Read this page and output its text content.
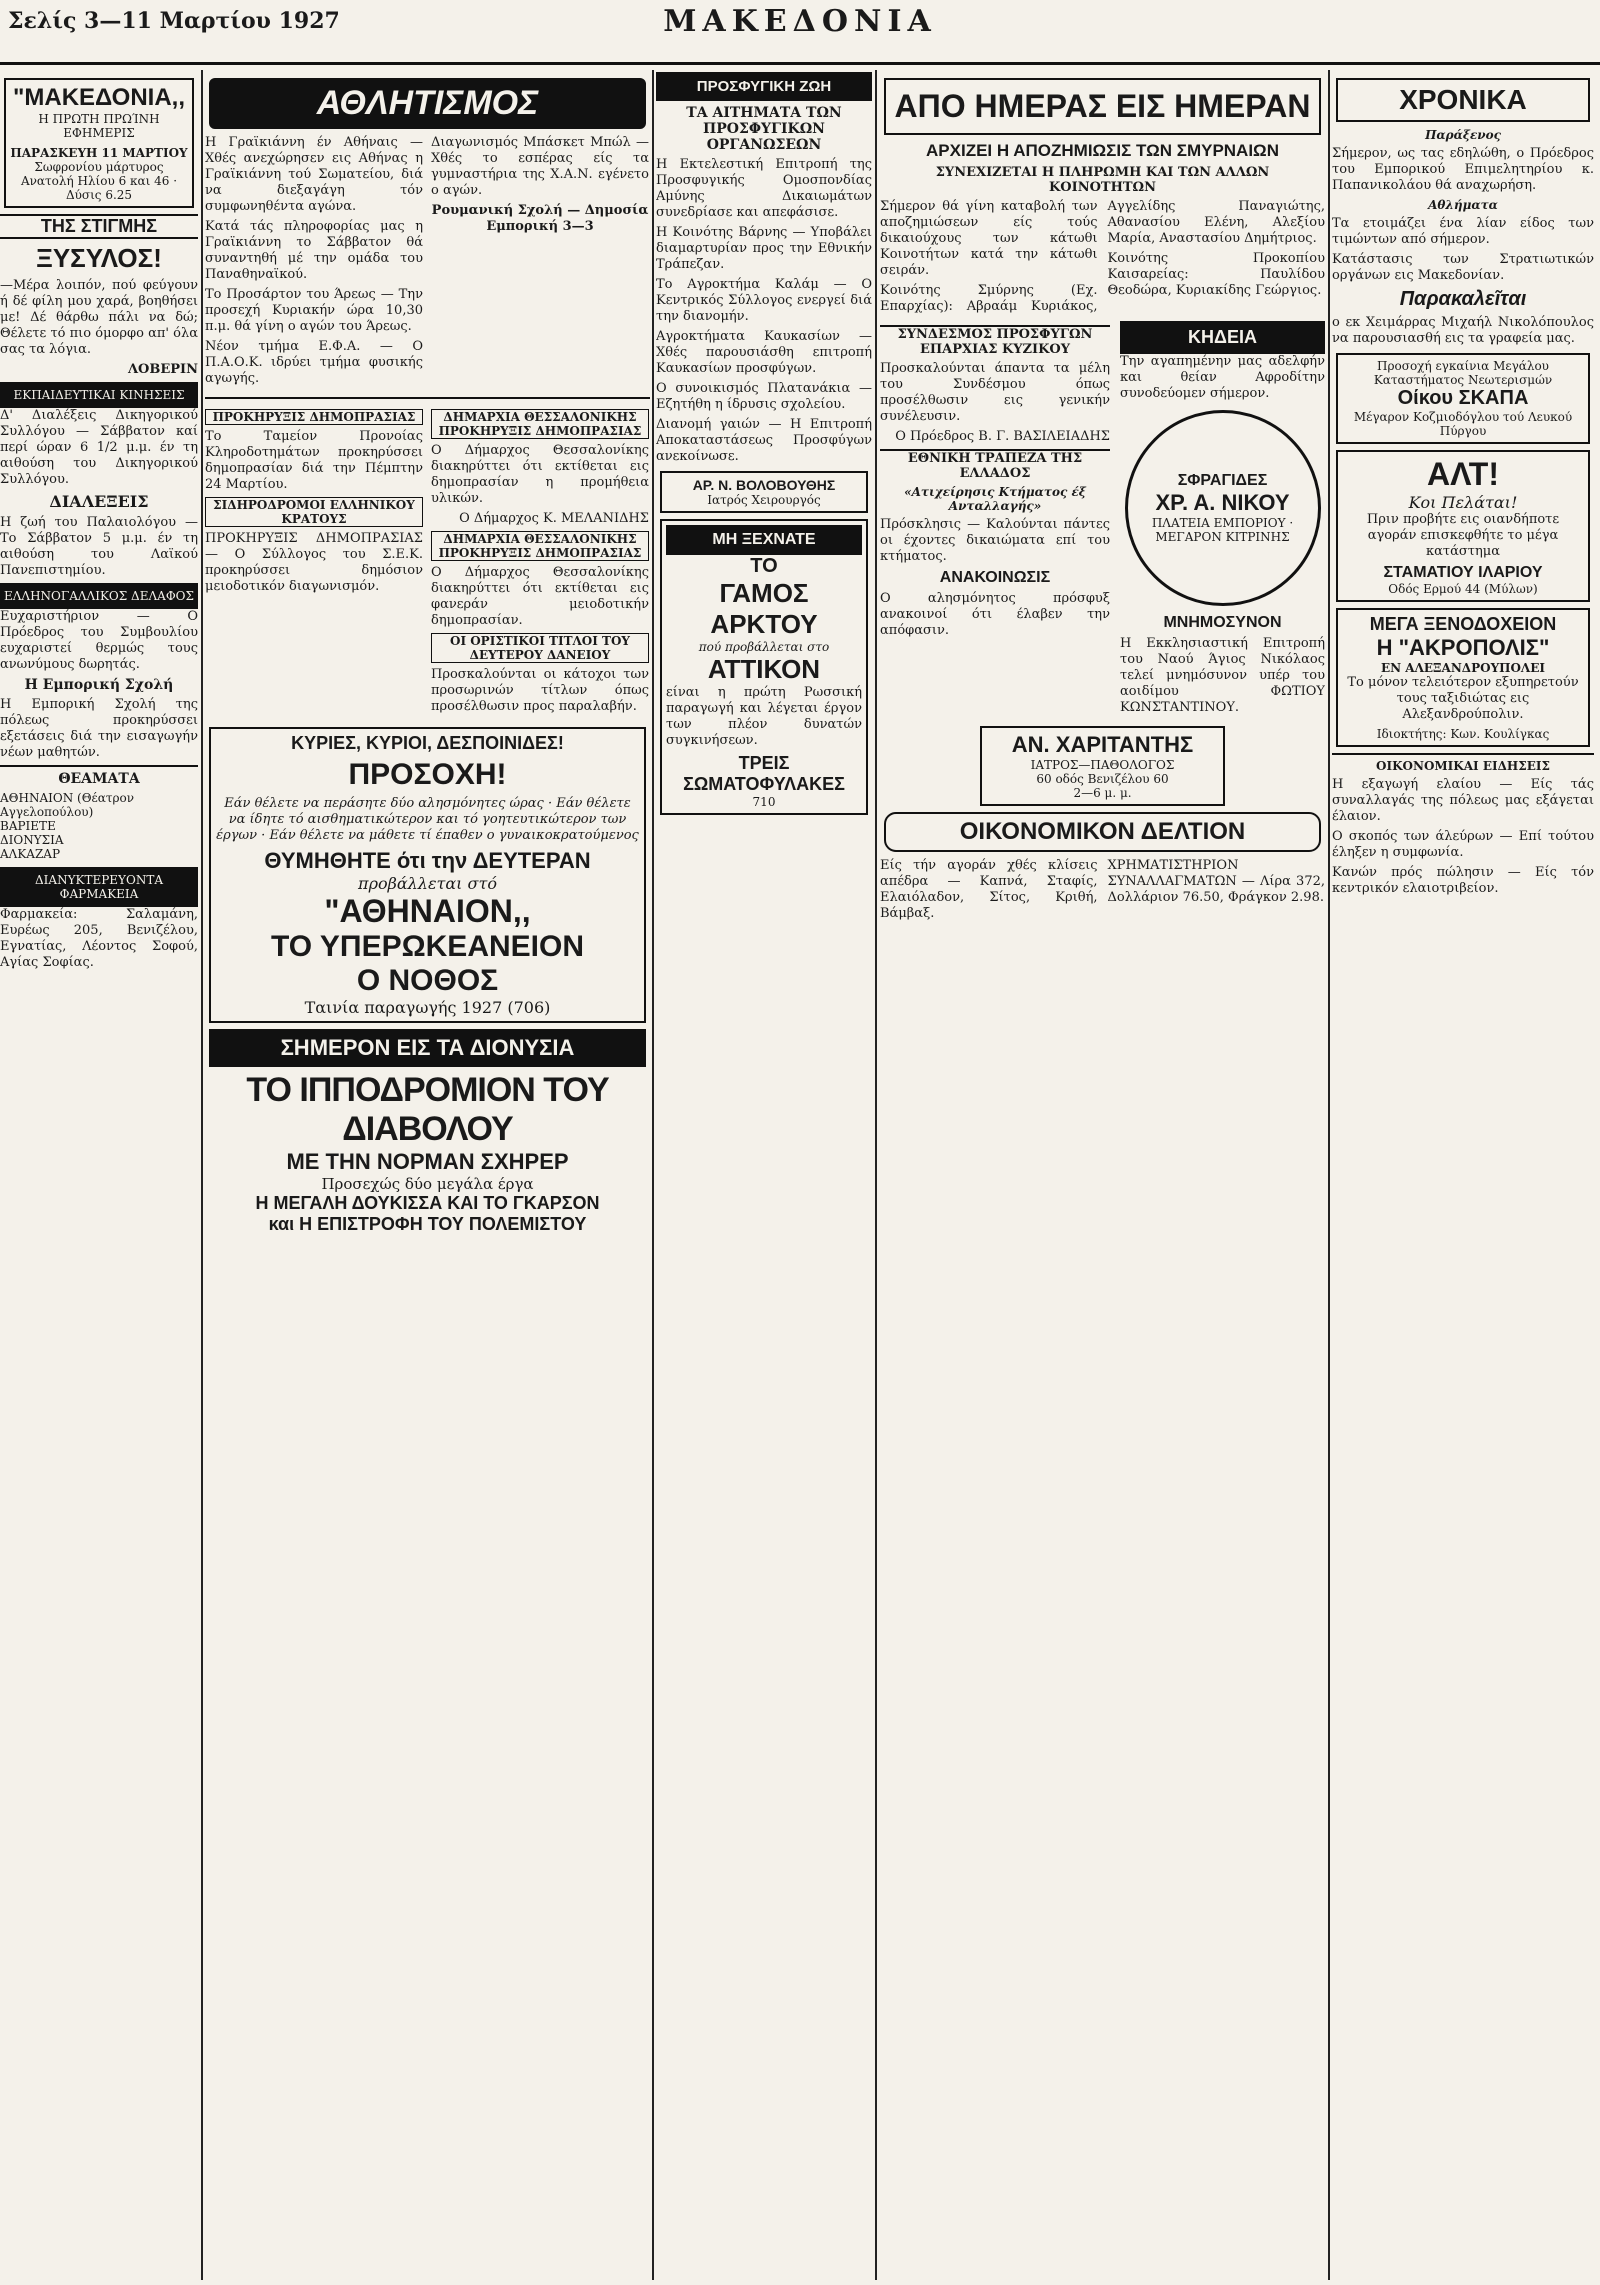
Σελίς 3—11 Μαρτίου 1927	ΜΑΚΕΔΟΝΙΑ
"ΜΑΚΕΔΟΝΙΑ,,
Η ΠΡΩΤΗ ΠΡΩΊΝΗ ΕΦΗΜΕΡΙΣ
ΠΑΡΑΣΚΕΥΗ 11 ΜΑΡΤΙΟΥ
Σωφρονίου μάρτυρος
Ανατολή Ηλίου 6 και 46 · Δύσις 6.25
ΤΗΣ ΣΤΙΓΜΗΣ
ΞΥΣΥΛΟΣ!

—Μέρα λοιπόν, πού φεύγουν ή δέ φίλη μου χαρά, βοηθήσει με! Δέ θάρθω πάλι να δώ; Θέλετε τό πιο όμορφο απ' όλα σας τα λόγια.

ΛΟΒΕΡΙΝ

ΕΚΠΑΙΔΕΥΤΙΚΑΙ ΚΙΝΗΣΕΙΣ

Δ' Διαλέξεις Δικηγορικού Συλλόγου — Σάββατον καί περί ώραν 6 1/2 μ.μ. έν τη αιθούση του Δικηγορικού Συλλόγου.

ΔΙΑΛΕΞΕΙΣ

Η ζωή του Παλαιολόγου — Το Σάββατον 5 μ.μ. έν τη αιθούση του Λαϊκού Πανεπιστημίου.

ΕΛΛΗΝΟΓΑΛΛΙΚΟΣ ΔΕΛΑΦΟΣ

Ευχαριστήριον — Ο Πρόεδρος του Συμβουλίου ευχαριστεί θερμώς τους ανωνύμους δωρητάς.

Η Εμπορική Σχολή

Η Εμπορική Σχολή της πόλεως προκηρύσσει εξετάσεις διά την εισαγωγήν νέων μαθητών.

ΘΕΑΜΑΤΑ
ΑΘΗΝΑΙΟΝ (Θέατρον Αγγελοπούλου)
ΒΑΡΙΕΤΕ
ΔΙΟΝΥΣΙΑ
ΑΛΚΑΖΑΡ
ΔΙΑΝΥΚΤΕΡΕΥΟΝΤΑ ΦΑΡΜΑΚΕΙΑ

Φαρμακεία: Σαλαμάνη, Ευρέως 205, Βενιζέλου, Εγνατίας, Λέοντος Σοφού, Αγίας Σοφίας.

ΑΘΛΗΤΙΣΜΟΣ

Η Γραϊκιάννη έν Αθήναις — Χθές ανεχώρησεν εις Αθήνας η Γραϊκιάννη τού Σωματείου, διά να διεξαγάγη τόν συμφωνηθέντα αγώνα.

Κατά τάς πληροφορίας μας η Γραϊκιάννη το Σάββατον θά συναντηθή μέ την ομάδα του Παναθηναϊκού.

Το Προσάρτον του Άρεως — Την προσεχή Κυριακήν ώρα 10,30 π.μ. θά γίνη ο αγών του Άρεως.

Νέον τμήμα Ε.Φ.Α. — Ο Π.Α.Ο.Κ. ιδρύει τμήμα φυσικής αγωγής.

Διαγωνισμός Μπάσκετ Μπώλ — Χθές το εσπέρας είς τα γυμναστήρια της Χ.Α.Ν. εγένετο ο αγών.

Ρουμανική Σχολή — Δημοσία Εμπορική 3—3

ΠΡΟΚΗΡΥΞΙΣ ΔΗΜΟΠΡΑΣΙΑΣ

Το Ταμείον Προνοίας Κληροδοτημάτων προκηρύσσει δημοπρασίαν διά την Πέμπτην 24 Μαρτίου.

ΣΙΔΗΡΟΔΡΟΜΟΙ ΕΛΛΗΝΙΚΟΥ ΚΡΑΤΟΥΣ

ΠΡΟΚΗΡΥΞΙΣ ΔΗΜΟΠΡΑΣΙΑΣ — Ο Σύλλογος του Σ.Ε.Κ. προκηρύσσει δημόσιον μειοδοτικόν διαγωνισμόν.

ΔΗΜΑΡΧΙΑ ΘΕΣΣΑΛΟΝΙΚΗΣ ΠΡΟΚΗΡΥΞΙΣ ΔΗΜΟΠΡΑΣΙΑΣ

Ο Δήμαρχος Θεσσαλονίκης διακηρύττει ότι εκτίθεται εις δημοπρασίαν η προμήθεια υλικών.

Ο Δήμαρχος Κ. ΜΕΛΑΝΙΔΗΣ

ΔΗΜΑΡΧΙΑ ΘΕΣΣΑΛΟΝΙΚΗΣ ΠΡΟΚΗΡΥΞΙΣ ΔΗΜΟΠΡΑΣΙΑΣ

Ο Δήμαρχος Θεσσαλονίκης διακηρύττει ότι εκτίθεται εις φανεράν μειοδοτικήν δημοπρασίαν.

ΟΙ ΟΡΙΣΤΙΚΟΙ ΤΙΤΛΟΙ ΤΟΥ ΔΕΥΤΕΡΟΥ ΔΑΝΕΙΟΥ

Προσκαλούνται οι κάτοχοι των προσωρινών τίτλων όπως προσέλθωσιν προς παραλαβήν.

ΚΥΡΙΕΣ, ΚΥΡΙΟΙ, ΔΕΣΠΟΙΝΙΔΕΣ!
ΠΡΟΣΟΧΗ!

Εάν θέλετε να περάσητε δύο αλησμόνητες ώρας · Εάν θέλετε να ίδητε τό αισθηματικώτερον και τό γοητευτικώτερον των έργων · Εάν θέλετε να μάθετε τί έπαθεν ο γυναικοκρατούμενος

ΘΥΜΗΘΗΤΕ ότι την ΔΕΥΤΕΡΑΝ
προβάλλεται στό
"ΑΘΗΝΑΙΟΝ,,
ΤΟ ΥΠΕΡΩΚΕΑΝΕΙΟΝ
Ο ΝΟΘΟΣ
Ταινία παραγωγής 1927 (706)
ΣΗΜΕΡΟΝ ΕΙΣ ΤΑ ΔΙΟΝΥΣΙΑ
ΤΟ ΙΠΠΟΔΡΟΜΙΟΝ ΤΟΥ ΔΙΑΒΟΛΟΥ
ΜΕ ΤΗΝ ΝΟΡΜΑΝ ΣΧΗΡΕΡ
Προσεχώς δύο μεγάλα έργα
Η ΜΕΓΑΛΗ ΔΟΥΚΙΣΣΑ ΚΑΙ ΤΟ ΓΚΑΡΣΟΝ
και Η ΕΠΙΣΤΡΟΦΗ ΤΟΥ ΠΟΛΕΜΙΣΤΟΥ
ΠΡΟΣΦΥΓΙΚΗ ΖΩΗ
ΤΑ ΑΙΤΗΜΑΤΑ ΤΩΝ ΠΡΟΣΦΥΓΙΚΩΝ ΟΡΓΑΝΩΣΕΩΝ

Η Εκτελεστική Επιτροπή της Προσφυγικής Ομοσπονδίας Αμύνης Δικαιωμάτων συνεδρίασε και απεφάσισε.

Η Κοινότης Βάρνης — Υποβάλει διαμαρτυρίαν προς την Εθνικήν Τράπεζαν.

Το Αγροκτήμα Καλάμ — Ο Κεντρικός Σύλλογος ενεργεί διά την διανομήν.

Αγροκτήματα Καυκασίων — Χθές παρουσιάσθη επιτροπή Καυκασίων προσφύγων.

Ο συνοικισμός Πλατανάκια — Εζητήθη η ίδρυσις σχολείου.

Διανομή γαιών — Η Επιτροπή Αποκαταστάσεως Προσφύγων ανεκοίνωσε.

ΑΡ. Ν. ΒΟΛΟΒΟΥΘΗΣ
Ιατρός Χειρουργός
ΜΗ ΞΕΧΝΑΤΕ
ΤΟ
ΓΑΜΟΣ ΑΡΚΤΟΥ
πού προβάλλεται στο
ΑΤΤΙΚΟΝ

είναι η πρώτη Ρωσσική παραγωγή και λέγεται έργον των πλέον δυνατών συγκινήσεων.

ΤΡΕΙΣ ΣΩΜΑΤΟΦΥΛΑΚΕΣ
710
ΑΠΟ ΗΜΕΡΑΣ ΕΙΣ ΗΜΕΡΑΝ
ΑΡΧΙΖΕΙ Η ΑΠΟΖΗΜΙΩΣΙΣ ΤΩΝ ΣΜΥΡΝΑΙΩΝ
ΣΥΝΕΧΙΖΕΤΑΙ Η ΠΛΗΡΩΜΗ ΚΑΙ ΤΩΝ ΑΛΛΩΝ ΚΟΙΝΟΤΗΤΩΝ

Σήμερον θά γίνη καταβολή των αποζημιώσεων είς τούς δικαιούχους των κάτωθι Κοινοτήτων κατά την κάτωθι σειράν.

Κοινότης Σμύρνης (Εχ. Επαρχίας): Αβραάμ Κυριάκος, Αγγελίδης Παναγιώτης, Αθανασίου Ελένη, Αλεξίου Μαρία, Αναστασίου Δημήτριος.

Κοινότης Προκοπίου Καισαρείας: Παυλίδου Θεοδώρα, Κυριακίδης Γεώργιος.

ΣΥΝΔΕΣΜΟΣ ΠΡΟΣΦΥΓΩΝ ΕΠΑΡΧΙΑΣ ΚΥΖΙΚΟΥ

Προσκαλούνται άπαντα τα μέλη του Συνδέσμου όπως προσέλθωσιν εις γενικήν συνέλευσιν.

Ο Πρόεδρος Β. Γ. ΒΑΣΙΛΕΙΑΔΗΣ

ΕΘΝΙΚΗ ΤΡΑΠΕΖΑ ΤΗΣ ΕΛΛΑΔΟΣ
«Ατιχείρησις Κτήματος έξ Ανταλλαγής»

Πρόσκλησις — Καλούνται πάντες οι έχοντες δικαιώματα επί του κτήματος.

ΑΝΑΚΟΙΝΩΣΙΣ

Ο αλησμόνητος πρόσφυξ ανακοινοί ότι έλαβεν την απόφασιν.

ΚΗΔΕΙΑ

Την αγαπημένην μας αδελφήν και θείαν Αφροδίτην συνοδεύομεν σήμερον.

ΣΦΡΑΓΙΔΕΣ
ΧΡ. Α. ΝΙΚΟΥ
ΠΛΑΤΕΙΑ ΕΜΠΟΡΙΟΥ · ΜΕΓΑΡΟΝ ΚΙΤΡΙΝΗΣ
ΜΝΗΜΟΣΥΝΟΝ

Η Εκκλησιαστική Επιτροπή του Ναού Άγιος Νικόλαος τελεί μνημόσυνον υπέρ του αοιδίμου ΦΩΤΙΟΥ ΚΩΝΣΤΑΝΤΙΝΟΥ.

ΑΝ. ΧΑΡΙΤΑΝΤΗΣ
ΙΑΤΡΟΣ—ΠΑΘΟΛΟΓΟΣ
60 οδός Βενιζέλου 60
2—6 μ. μ.
ΟΙΚΟΝΟΜΙΚΟΝ ΔΕΛΤΙΟΝ

Είς τήν αγοράν χθές κλίσεις απέδρα — Καπνά, Σταφίς, Ελαιόλαδον, Σίτος, Κριθή, Βάμβαξ.

ΧΡΗΜΑΤΙΣΤΗΡΙΟΝ ΣΥΝΑΛΛΑΓΜΑΤΩΝ — Λίρα 372, Δολλάριον 76.50, Φράγκον 2.98.

ΧΡΟΝΙΚΑ
Παράξενος

Σήμερον, ως τας εδηλώθη, ο Πρόεδρος του Εμπορικού Επιμελητηρίου κ. Παπανικολάου θά αναχωρήση.

Αθλήματα

Τα ετοιμάζει ένα λίαν είδος των τιμώντων από σήμερον.

Κατάστασις των Στρατιωτικών οργάνων εις Μακεδονίαν.

Παρακαλεῖται

ο εκ Χειμάρρας Μιχαήλ Νικολόπουλος να παρουσιασθή εις τα γραφεία μας.

Προσοχή εγκαίνια Μεγάλου Καταστήματος Νεωτερισμών
Οίκου ΣΚΑΠΑ
Μέγαρον Κοζμιοδόγλου τού Λευκού Πύργου
ΑΛΤ!
Κοι Πελάται!

Πριν προβήτε εις οιανδήποτε αγοράν επισκεφθήτε το μέγα κατάστημα

ΣΤΑΜΑΤΙΟΥ ΙΛΑΡΙΟΥ
Οδός Ερμού 44 (Μύλων)
ΜΕΓΑ ΞΕΝΟΔΟΧΕΙΟΝ
Η "ΑΚΡΟΠΟΛΙΣ"
ΕΝ ΑΛΕΞΑΝΔΡΟΥΠΟΛΕΙ

Το μόνον τελειότερον εξυπηρετούν τους ταξιδιώτας εις Αλεξανδρούπολιν.

Ιδιοκτήτης: Κων. Κουλίγκας
ΟΙΚΟΝΟΜΙΚΑΙ ΕΙΔΗΣΕΙΣ

Η εξαγωγή ελαίου — Είς τάς συναλλαγάς της πόλεως μας εξάγεται έλαιον.

Ο σκοπός των άλεύρων — Επί τούτου έληξεν η συμφωνία.

Κανών πρός πώλησιν — Είς τόν κεντρικόν ελαιοτριβείον.
